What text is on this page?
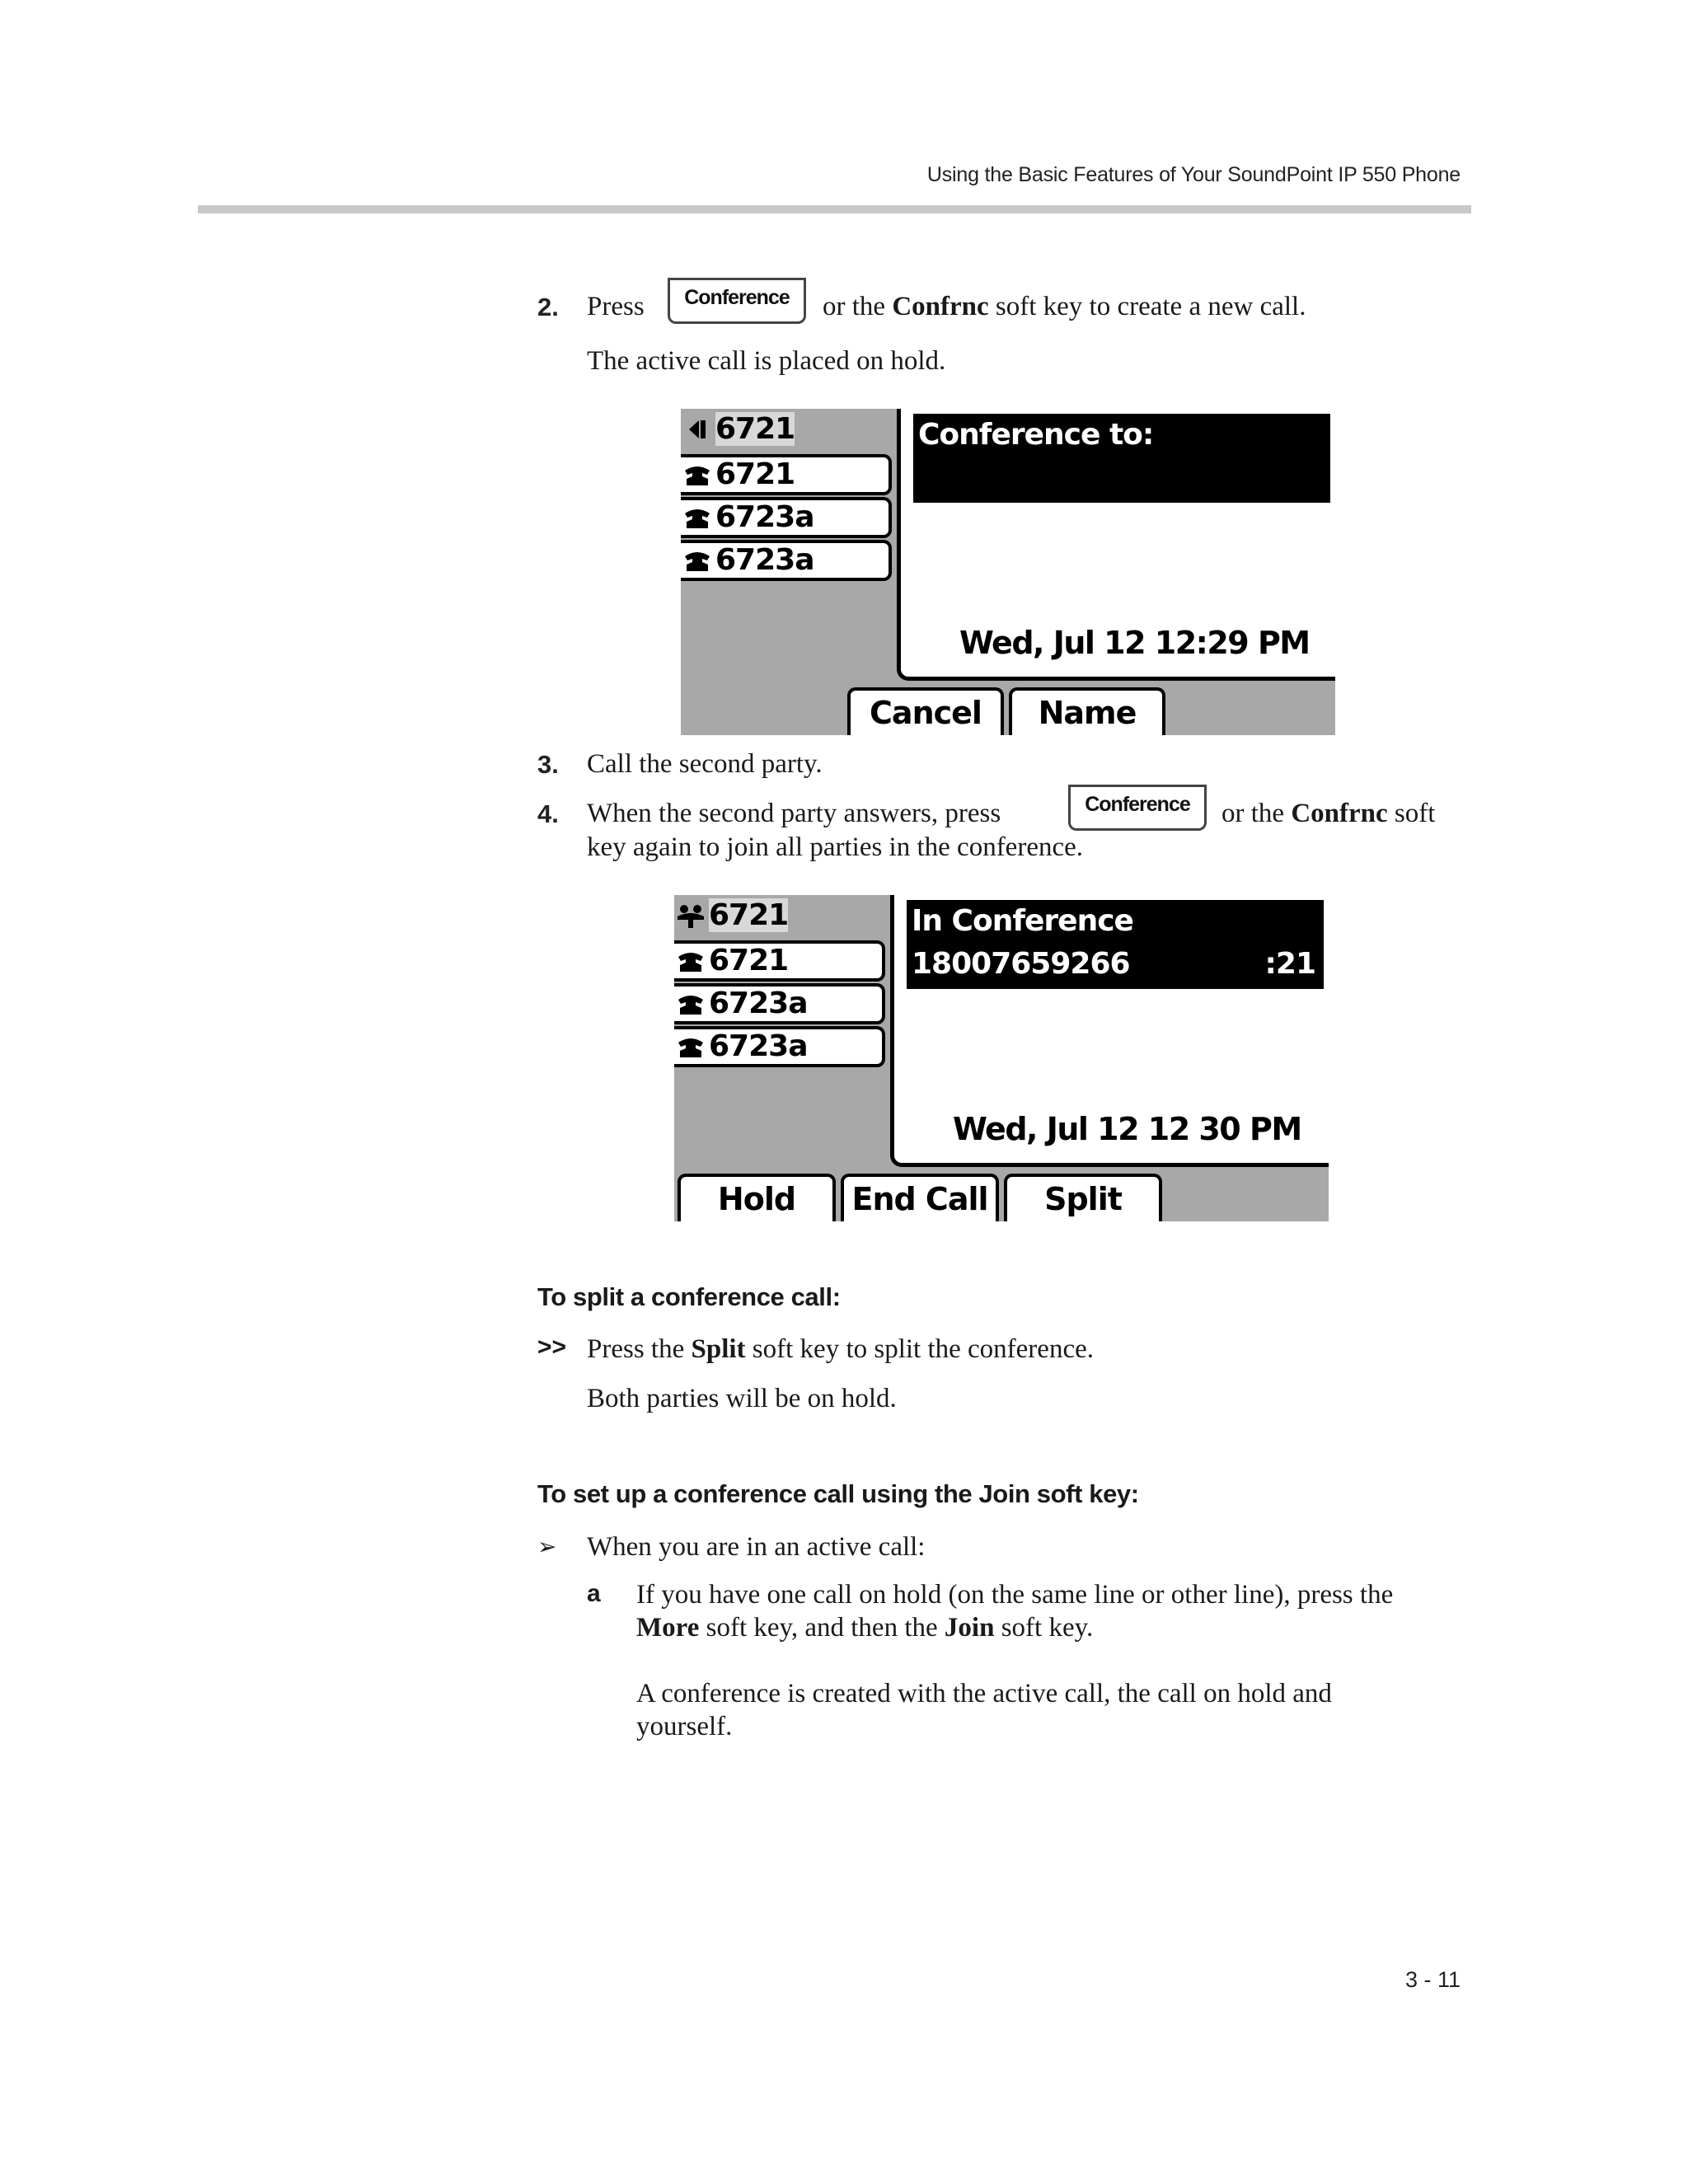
Using the Basic Features of Your SoundPoint IP 550 Phone
2. Press	Conference	or the Confrnc soft key to create a new call.
The active call is placed on hold.
6721
6721
6723a
6723a
Conference to:
Wed, Jul 12 12:29 PM
Cancel	Name
3. Call the second party.
4. When the second party answers, press	Conference	or the Confrnc soft
key again to join all parties in the conference.
6721
6721
6723a
6723a
In Conference
18007659266	:21
Wed, Jul 12 12 30 PM
Hold	End Call	Split
To split a conference call:
>> Press the Split soft key to split the conference.
Both parties will be on hold.
To set up a conference call using the Join soft key:
➢ When you are in an active call:
a If you have one call on hold (on the same line or other line), press the
More soft key, and then the Join soft key.
A conference is created with the active call, the call on hold and
yourself.
3 - 11
